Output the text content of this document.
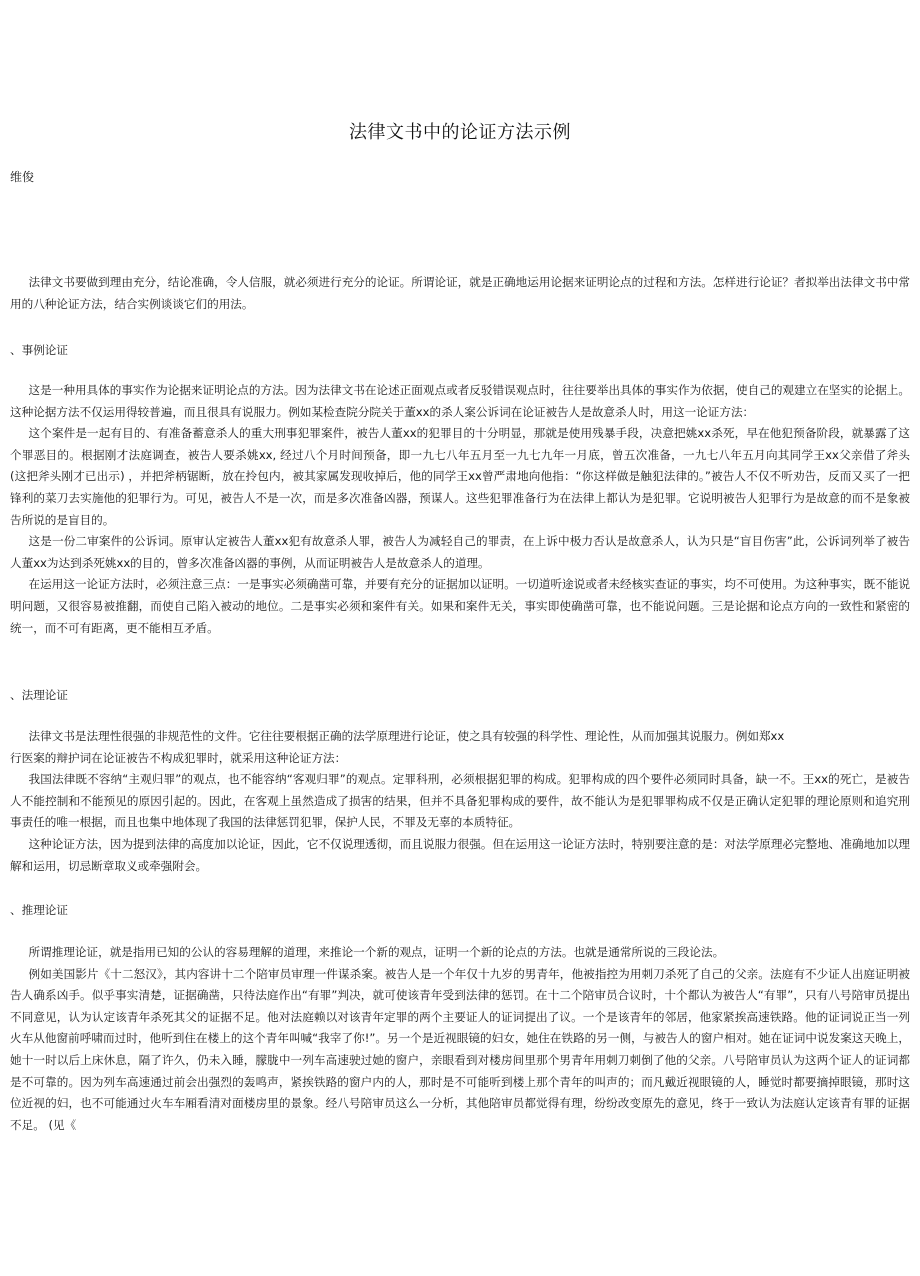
法律文书中的论证方法示例
维俊

法律文书要做到理由充分，结论准确，令人信服，就必须进行充分的论证。所谓论证，就是正确地运用论据来证明论点的过程和方法。怎样进行论证？者拟举出法律文书中常用的八种论证方法，结合实例谈谈它们的用法。

、事例论证

这是一种用具体的事实作为论据来证明论点的方法。因为法律文书在论述正面观点或者反驳错误观点时，往往要举出具体的事实作为依据，使自己的观建立在坚实的论据上。这种论据方法不仅运用得较普遍，而且很具有说服力。例如某检查院分院关于董xx的杀人案公诉词在论证被告人是故意杀人时，用这一论证方法：

这个案件是一起有目的、有准备蓄意杀人的重大刑事犯罪案件，被告人董xx的犯罪目的十分明显，那就是使用残暴手段，决意把姚xx杀死，早在他犯预备阶段，就暴露了这个罪恶目的。根据刚才法庭调查，被告人要杀姚xx, 经过八个月时间预备，即一九七八年五月至一九七九年一月底，曾五次准备，一九七八年五月向其同学王xx父亲借了斧头 (这把斧头刚才已出示) ，并把斧柄锯断，放在拎包内，被其家属发现收掉后，他的同学王xx曾严肃地向他指：“你这样做是触犯法律的。”被告人不仅不听劝告，反而又买了一把锋利的菜刀去实施他的犯罪行为。可见，被告人不是一次，而是多次准备凶器，预谋人。这些犯罪准备行为在法律上都认为是犯罪。它说明被告人犯罪行为是故意的而不是象被告所说的是盲目的。

这是一份二审案件的公诉词。原审认定被告人董xx犯有故意杀人罪，被告人为减轻自己的罪责，在上诉中极力否认是故意杀人，认为只是“盲目伤害”此，公诉词列举了被告人董xx为达到杀死姚xx的目的，曾多次准备凶器的事例，从而证明被告人是故意杀人的道理。

在运用这一论证方法时，必须注意三点：一是事实必须确凿可靠，并要有充分的证据加以证明。一切道听途说或者未经核实查证的事实，均不可使用。为这种事实，既不能说明问题，又很容易被推翻，而使自己陷入被动的地位。二是事实必须和案件有关。如果和案件无关，事实即使确凿可靠，也不能说问题。三是论据和论点方向的一致性和紧密的统一，而不可有距离，更不能相互矛盾。

、法理论证

法律文书是法理性很强的非规范性的文件。它往往要根据正确的法学原理进行论证，使之具有较强的科学性、理论性，从而加强其说服力。例如郑xx

行医案的辩护词在论证被告不构成犯罪时，就采用这种论证方法：

我国法律既不容纳“主观归罪”的观点，也不能容纳“客观归罪”的观点。定罪科刑，必须根据犯罪的构成。犯罪构成的四个要件必须同时具备，缺一不。王xx的死亡，是被告人不能控制和不能预见的原因引起的。因此，在客观上虽然造成了损害的结果，但并不具备犯罪构成的要件，故不能认为是犯罪罪构成不仅是正确认定犯罪的理论原则和追究刑事责任的唯一根据，而且也集中地体现了我国的法律惩罚犯罪，保护人民，不罪及无辜的本质特征。

这种论证方法，因为提到法律的高度加以论证，因此，它不仅说理透彻，而且说服力很强。但在运用这一论证方法时，特别要注意的是：对法学原理必完整地、准确地加以理解和运用，切忌断章取义或牵强附会。

、推理论证

所谓推理论证，就是指用已知的公认的容易理解的道理，来推论一个新的观点，证明一个新的论点的方法。也就是通常所说的三段论法。

例如美国影片《十二怒汉》，其内容讲十二个陪审员审理一件谋杀案。被告人是一个年仅十九岁的男青年，他被指控为用刺刀杀死了自己的父亲。法庭有不少证人出庭证明被告人确系凶手。似乎事实清楚，证据确凿，只待法庭作出“有罪”判决，就可使该青年受到法律的惩罚。在十二个陪审员合议时，十个都认为被告人“有罪”，只有八号陪审员提出不同意见，认为认定该青年杀死其父的证据不足。他对法庭赖以对该青年定罪的两个主要证人的证词提出了议。一个是该青年的邻居，他家紧挨高速铁路。他的证词说正当一列火车从他窗前呼啸而过时，他听到住在楼上的这个青年叫喊“我宰了你!”。另一个是近视眼镜的妇女，她住在铁路的另一侧，与被告人的窗户相对。她在证词中说发案这天晚上，她十一时以后上床休息，隔了许久，仍未入睡，朦胧中一列车高速驶过她的窗户，亲眼看到对楼房间里那个男青年用刺刀刺倒了他的父亲。八号陪审员认为这两个证人的证词都是不可靠的。因为列车高速通过前会出强烈的轰鸣声，紧挨铁路的窗户内的人，那时是不可能听到楼上那个青年的叫声的；而凡戴近视眼镜的人，睡觉时都要摘掉眼镜，那时这位近视的妇，也不可能通过火车车厢看清对面楼房里的景象。经八号陪审员这么一分析，其他陪审员都觉得有理，纷纷改变原先的意见，终于一致认为法庭认定该青有罪的证据不足。 (见《
